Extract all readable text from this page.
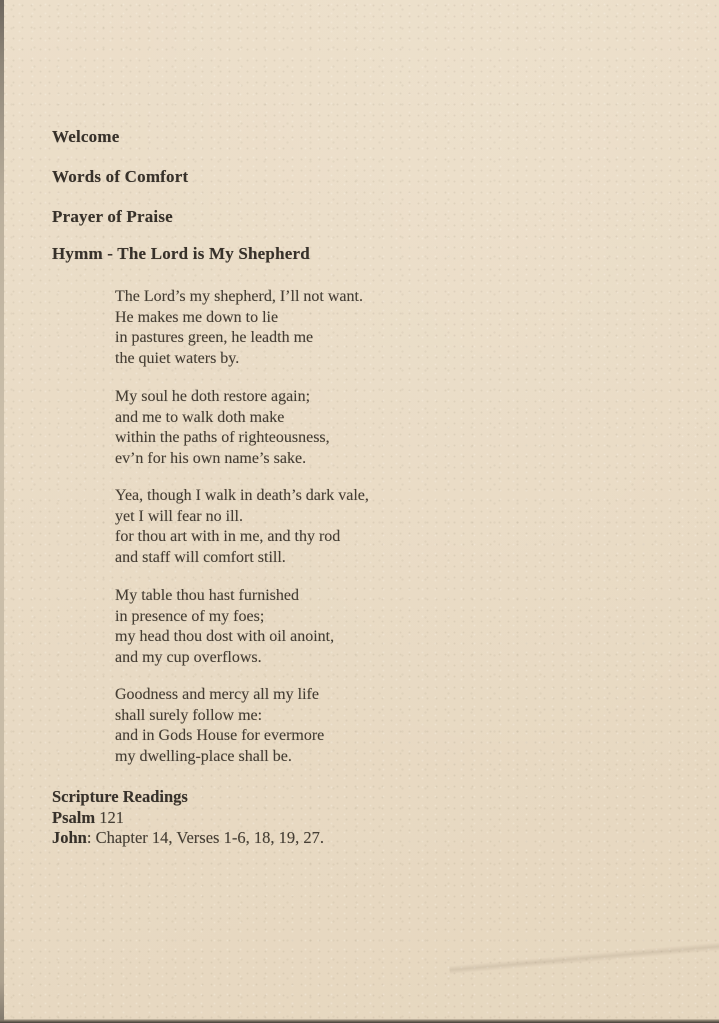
Welcome
Words of Comfort
Prayer of Praise
Hymm - The Lord is My Shepherd
The Lord’s my shepherd, I’ll not want.
He makes me down to lie
in pastures green, he leadth me
the quiet waters by.
My soul he doth restore again;
and me to walk doth make
within the paths of righteousness,
ev’n for his own name’s sake.
Yea, though I walk in death’s dark vale,
yet I will fear no ill.
for thou art with in me, and thy rod
and staff will comfort still.
My table thou hast furnished
in presence of my foes;
my head thou dost with oil anoint,
and my cup overflows.
Goodness and mercy all my life
shall surely follow me:
and in Gods House for evermore
my dwelling-place shall be.
Scripture Readings
Psalm 121
John: Chapter 14, Verses 1-6, 18, 19, 27.
